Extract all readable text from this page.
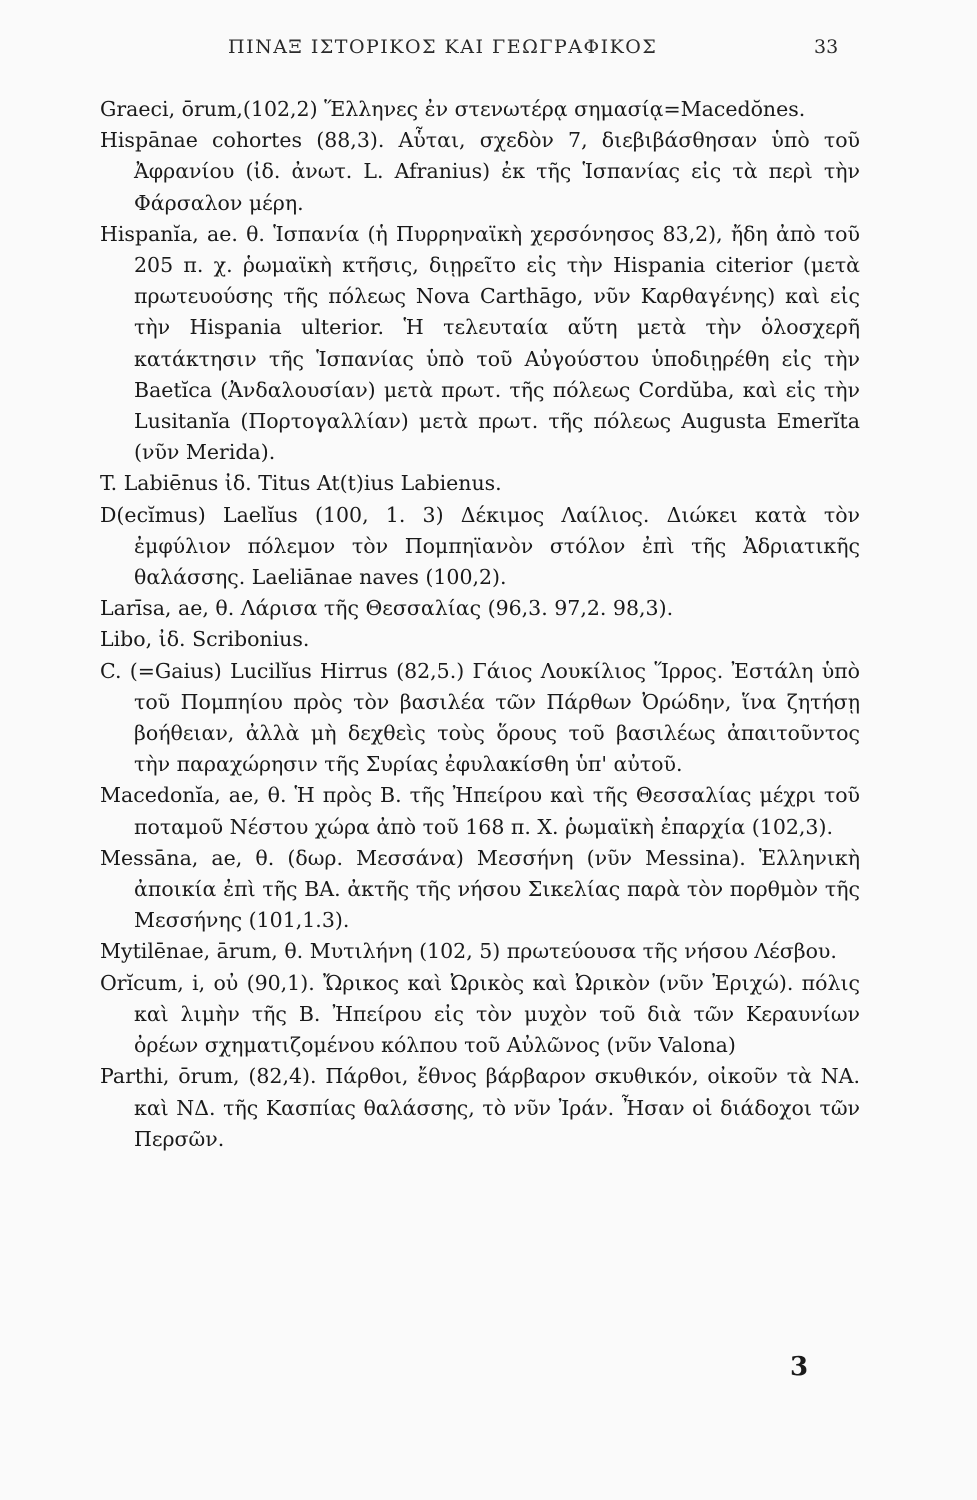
ΠΙΝΑΞ ΙΣΤΟΡΙΚΟΣ ΚΑΙ ΓΕΩΓΡΑΦΙΚΟΣ	33

Graeci, ōrum,(102,2) Ἕλληνες ἐν στενωτέρᾳ σημασίᾳ=Macedŏnes.

Hispānae cohortes (88,3). Αὗται, σχεδὸν 7, διεβιβάσθησαν ὑπὸ τοῦ Ἀφρανίου (ἰδ. ἀνωτ. L. Afranius) ἐκ τῆς Ἱσπανίας εἰς τὰ περὶ τὴν Φάρσαλον μέρη.

Hispanĭa, ae. θ. Ἱσπανία (ἡ Πυρρηναϊκὴ χερσόνησος 83,2), ἤδη ἀπὸ τοῦ 205 π. χ. ῥωμαϊκὴ κτῆσις, διῃρεῖτο εἰς τὴν Hispania citerior (μετὰ πρωτευούσης τῆς πόλεως Nova Carthāgo, νῦν Καρθαγένης) καὶ εἰς τὴν Hispania ulterior. Ἡ τελευταία αὕτη μετὰ τὴν ὁλοσχερῆ κατάκτησιν τῆς Ἱσπανίας ὑπὸ τοῦ Αὐγούστου ὑποδιῃρέθη εἰς τὴν Baetĭca (Ἀνδαλουσίαν) μετὰ πρωτ. τῆς πόλεως Cordŭba, καὶ εἰς τὴν Lusitanĭa (Πορτογαλλίαν) μετὰ πρωτ. τῆς πόλεως Augusta Emerĭta (νῦν Merida).

T. Labiēnus ἰδ. Titus At(t)ius Labienus.

D(ecĭmus) Laelĭus (100, 1. 3) Δέκιμος Λαίλιος. Διώκει κατὰ τὸν ἐμφύλιον πόλεμον τὸν Πομπηϊανὸν στόλον ἐπὶ τῆς Ἀδριατικῆς θαλάσσης. Laeliānae naves (100,2).

Larīsa, ae, θ. Λάρισα τῆς Θεσσαλίας (96,3. 97,2. 98,3).

Libo, ἰδ. Scribonius.

C. (=Gaius) Lucilĭus Hirrus (82,5.) Γάιος Λουκίλιος Ἵρρος. Ἐστάλη ὑπὸ τοῦ Πομπηίου πρὸς τὸν βασιλέα τῶν Πάρθων Ὀρώδην, ἵνα ζητήσῃ βοήθειαν, ἀλλὰ μὴ δεχθεὶς τοὺς ὅρους τοῦ βασιλέως ἀπαιτοῦντος τὴν παραχώρησιν τῆς Συρίας ἐφυλακίσθη ὑπ' αὐτοῦ.

Macedonĭa, ae, θ. Ἡ πρὸς Β. τῆς Ἠπείρου καὶ τῆς Θεσσαλίας μέχρι τοῦ ποταμοῦ Νέστου χώρα ἀπὸ τοῦ 168 π. Χ. ῥωμαϊκὴ ἐπαρχία (102,3).

Messāna, ae, θ. (δωρ. Μεσσάνα) Μεσσήνη (νῦν Messina). Ἑλληνικὴ ἀποικία ἐπὶ τῆς ΒΑ. ἀκτῆς τῆς νήσου Σικελίας παρὰ τὸν πορθμὸν τῆς Μεσσήνης (101,1.3).

Mytilēnae, ārum, θ. Μυτιλήνη (102, 5) πρωτεύουσα τῆς νήσου Λέσβου.

Orĭcum, i, οὐ (90,1). Ὤρικος καὶ Ὠρικὸς καὶ Ὠρικὸν (νῦν Ἐριχώ). πόλις καὶ λιμὴν τῆς Β. Ἠπείρου εἰς τὸν μυχὸν τοῦ διὰ τῶν Κεραυνίων ὀρέων σχηματιζομένου κόλπου τοῦ Αὐλῶνος (νῦν Valona)

Parthi, ōrum, (82,4). Πάρθοι, ἔθνος βάρβαρον σκυθικόν, οἰκοῦν τὰ ΝΑ. καὶ ΝΔ. τῆς Κασπίας θαλάσσης, τὸ νῦν Ἰράν. Ἦσαν οἱ διάδοχοι τῶν Περσῶν.

3
